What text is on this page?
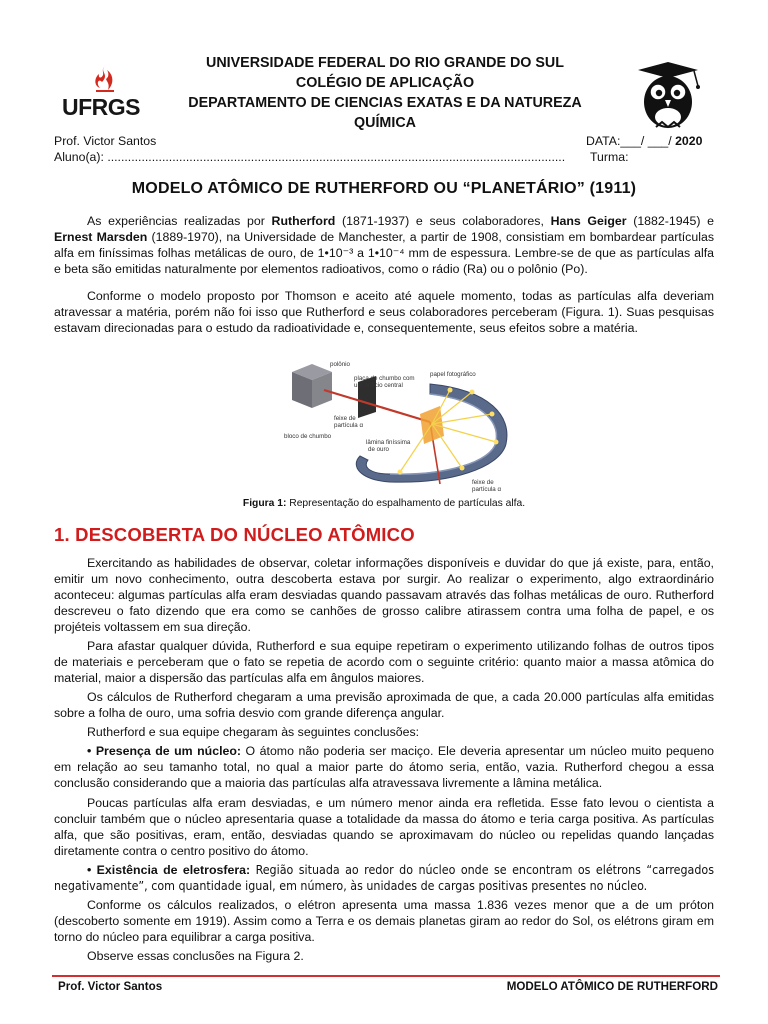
UFRGS
UNIVERSIDADE FEDERAL DO RIO GRANDE DO SUL
COLÉGIO DE APLICAÇÃO
DEPARTAMENTO DE CIENCIAS EXATAS E DA NATUREZA
QUÍMICA
Prof. Victor Santos	DATA:___/ ___/ 2020
Aluno(a): ...................................................................................................................................... Turma:
MODELO ATÔMICO DE RUTHERFORD OU “PLANETÁRIO” (1911)

As experiências realizadas por Rutherford (1871-1937) e seus colaboradores, Hans Geiger (1882-1945) e Ernest Marsden (1889-1970), na Universidade de Manchester, a partir de 1908, consistiam em bombardear partículas alfa em finíssimas folhas metálicas de ouro, de 1•10⁻³ a 1•10⁻⁴ mm de espessura. Lembre-se de que as partículas alfa e beta são emitidas naturalmente por elementos radioativos, como o rádio (Ra) ou o polônio (Po).

Conforme o modelo proposto por Thomson e aceito até aquele momento, todas as partículas alfa deveriam atravessar a matéria, porém não foi isso que Rutherford e seus colaboradores perceberam (Figura. 1). Suas pesquisas estavam direcionadas para o estudo da radioatividade e, consequentemente, seus efeitos sobre a matéria.

polônio
placa de chumbo com
um orifício central
papel fotográfico
feixe de
partícula α
bloco de chumbo
lâmina finíssima
de ouro
feixe de
partícula α
Figura 1: Representação do espalhamento de partículas alfa.
1. DESCOBERTA DO NÚCLEO ATÔMICO

Exercitando as habilidades de observar, coletar informações disponíveis e duvidar do que já existe, para, então, emitir um novo conhecimento, outra descoberta estava por surgir. Ao realizar o experimento, algo extraordinário aconteceu: algumas partículas alfa eram desviadas quando passavam através das folhas metálicas de ouro. Rutherford descreveu o fato dizendo que era como se canhões de grosso calibre atirassem contra uma folha de papel, e os projéteis voltassem em sua direção.

Para afastar qualquer dúvida, Rutherford e sua equipe repetiram o experimento utilizando folhas de outros tipos de materiais e perceberam que o fato se repetia de acordo com o seguinte critério: quanto maior a massa atômica do material, maior a dispersão das partículas alfa em ângulos maiores.

Os cálculos de Rutherford chegaram a uma previsão aproximada de que, a cada 20.000 partículas alfa emitidas sobre a folha de ouro, uma sofria desvio com grande diferença angular.

Rutherford e sua equipe chegaram às seguintes conclusões:

• Presença de um núcleo: O átomo não poderia ser maciço. Ele deveria apresentar um núcleo muito pequeno em relação ao seu tamanho total, no qual a maior parte do átomo seria, então, vazia. Rutherford chegou a essa conclusão considerando que a maioria das partículas alfa atravessava livremente a lâmina metálica.

Poucas partículas alfa eram desviadas, e um número menor ainda era refletida. Esse fato levou o cientista a concluir também que o núcleo apresentaria quase a totalidade da massa do átomo e teria carga positiva. As partículas alfa, que são positivas, eram, então, desviadas quando se aproximavam do núcleo ou repelidas quando lançadas diretamente contra o centro positivo do átomo.

• Existência de eletrosfera: Região situada ao redor do núcleo onde se encontram os elétrons “carregados negativamente”, com quantidade igual, em número, às unidades de cargas positivas presentes no núcleo.

Conforme os cálculos realizados, o elétron apresenta uma massa 1.836 vezes menor que a de um próton (descoberto somente em 1919). Assim como a Terra e os demais planetas giram ao redor do Sol, os elétrons giram em torno do núcleo para equilibrar a carga positiva.

Observe essas conclusões na Figura 2.

Prof. Victor Santos	MODELO ATÔMICO DE RUTHERFORD
